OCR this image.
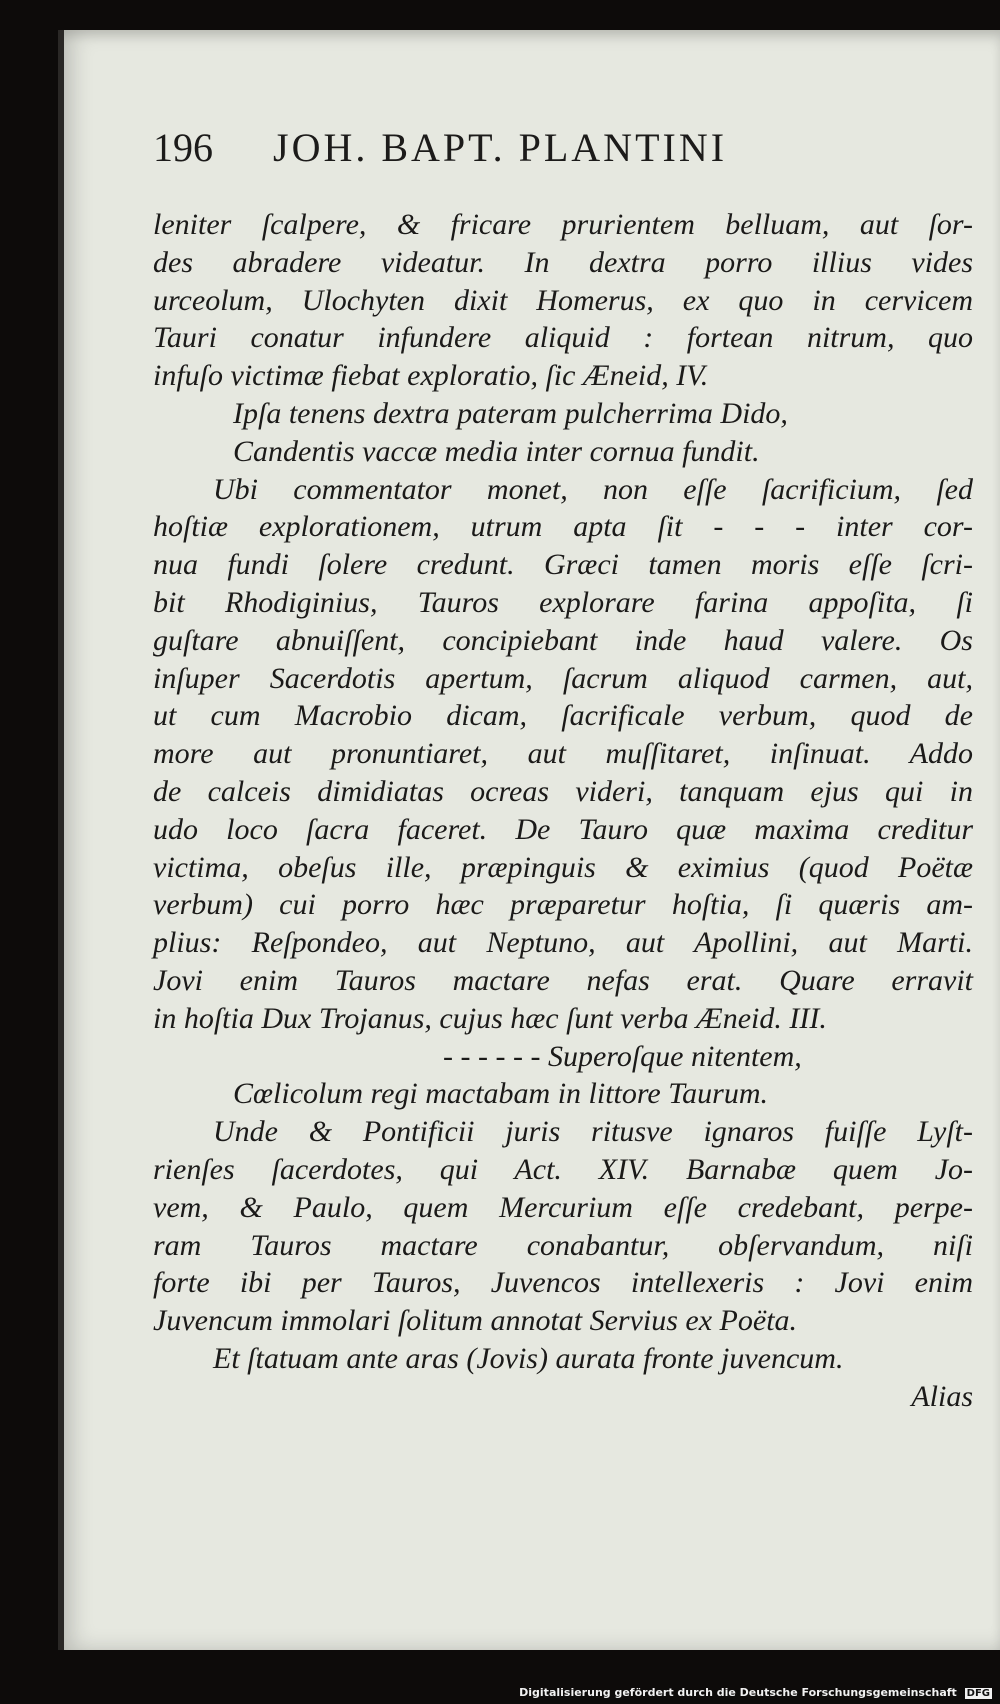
196 JOH. BAPT. PLANTINI
leniter ſcalpere, & fricare prurientem belluam, aut ſor-
des abradere videatur. In dextra porro illius vides
urceolum, Ulochyten dixit Homerus, ex quo in cervicem
Tauri conatur infundere aliquid : fortean nitrum, quo
infuſo victimæ fiebat exploratio, ſic Æneid, IV.
Ipſa tenens dextra pateram pulcherrima Dido,
Candentis vaccæ media inter cornua fundit.
Ubi commentator monet, non eſſe ſacrificium, ſed
hoſtiæ explorationem, utrum apta ſit - - - inter cor-
nua fundi ſolere credunt. Græci tamen moris eſſe ſcri-
bit Rhodiginius, Tauros explorare farina appoſita, ſi
guſtare abnuiſſent, concipiebant inde haud valere. Os
inſuper Sacerdotis apertum, ſacrum aliquod carmen, aut,
ut cum Macrobio dicam, ſacrificale verbum, quod de
more aut pronuntiaret, aut muſſitaret, inſinuat. Addo
de calceis dimidiatas ocreas videri, tanquam ejus qui in
udo loco ſacra faceret. De Tauro quæ maxima creditur
victima, obeſus ille, præpinguis & eximius (quod Poëtæ
verbum) cui porro hæc præparetur hoſtia, ſi quæris am-
plius: Reſpondeo, aut Neptuno, aut Apollini, aut Marti.
Jovi enim Tauros mactare nefas erat. Quare erravit
in hoſtia Dux Trojanus, cujus hæc ſunt verba Æneid. III.
- - - - - - Superoſque nitentem,
Cœlicolum regi mactabam in littore Taurum.
Unde & Pontificii juris ritusve ignaros fuiſſe Lyſt-
rienſes ſacerdotes, qui Act. XIV. Barnabæ quem Jo-
vem, & Paulo, quem Mercurium eſſe credebant, perpe-
ram Tauros mactare conabantur, obſervandum, niſi
forte ibi per Tauros, Juvencos intellexeris : Jovi enim
Juvencum immolari ſolitum annotat Servius ex Poëta.
Et ſtatuam ante aras (Jovis) aurata fronte juvencum.
Alias
Digitalisierung gefördert durch die Deutsche Forschungsgemeinschaft DFG
